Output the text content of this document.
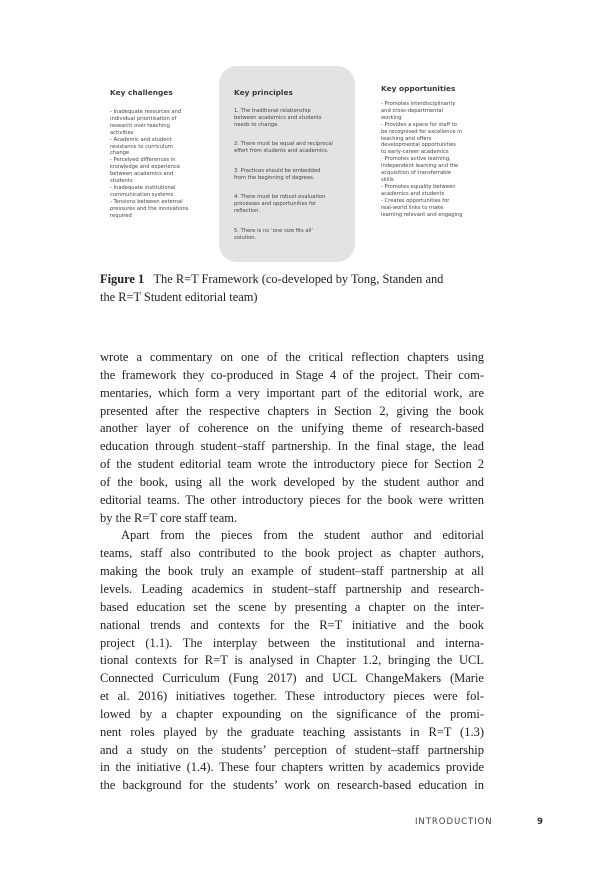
Key challenges
- Inadequate resources and
individual prioritisation of
research over teaching
activities
- Academic and student
resistance to curriculum
change
- Perceived differences in
knowledge and experience
between academics and
students
- Inadequate institutional
communication systems
- Tensions between external
pressures and the innovations
required
Key principles
1. The traditional relationship
between academics and students
needs to change.
2. There must be equal and reciprocal
effort from students and academics.
3. Practices should be embedded
from the beginning of degrees.
4. There must be robust evaluation
processes and opportunities for
reflection.
5. There is no ‘one size fits all’
solution.
Key opportunities
- Promotes interdisciplinarity
and cross-departmental
working
- Provides a space for staff to
be recognised for excellence in
teaching and offers
developmental opportunities
to early-career academics
- Promotes active learning,
independent learning and the
acquisition of transferrable
skills
- Promotes equality between
academics and students
- Creates opportunities for
real-world links to make
learning relevant and engaging
Figure 1 The R=T Framework (co-developed by Tong, Standen and
the R=T Student editorial team)
wrote a commentary on one of the critical reflection chapters using
the framework they co-produced in Stage 4 of the project. Their com-
mentaries, which form a very important part of the editorial work, are
presented after the respective chapters in Section 2, giving the book
another layer of coherence on the unifying theme of research-based
education through student–staff partnership. In the final stage, the lead
of the student editorial team wrote the introductory piece for Section 2
of the book, using all the work developed by the student author and
editorial teams. The other introductory pieces for the book were written
by the R=T core staff team.
Apart from the pieces from the student author and editorial
teams, staff also contributed to the book project as chapter authors,
making the book truly an example of student–staff partnership at all
levels. Leading academics in student–staff partnership and research-
based education set the scene by presenting a chapter on the inter-
national trends and contexts for the R=T initiative and the book
project (1.1). The interplay between the institutional and interna-
tional contexts for R=T is analysed in Chapter 1.2, bringing the UCL
Connected Curriculum (Fung 2017) and UCL ChangeMakers (Marie
et al. 2016) initiatives together. These introductory pieces were fol-
lowed by a chapter expounding on the significance of the promi-
nent roles played by the graduate teaching assistants in R=T (1.3)
and a study on the students’ perception of student–staff partnership
in the initiative (1.4). These four chapters written by academics provide
the background for the students’ work on research-based education in
INTRODUCTION	9
